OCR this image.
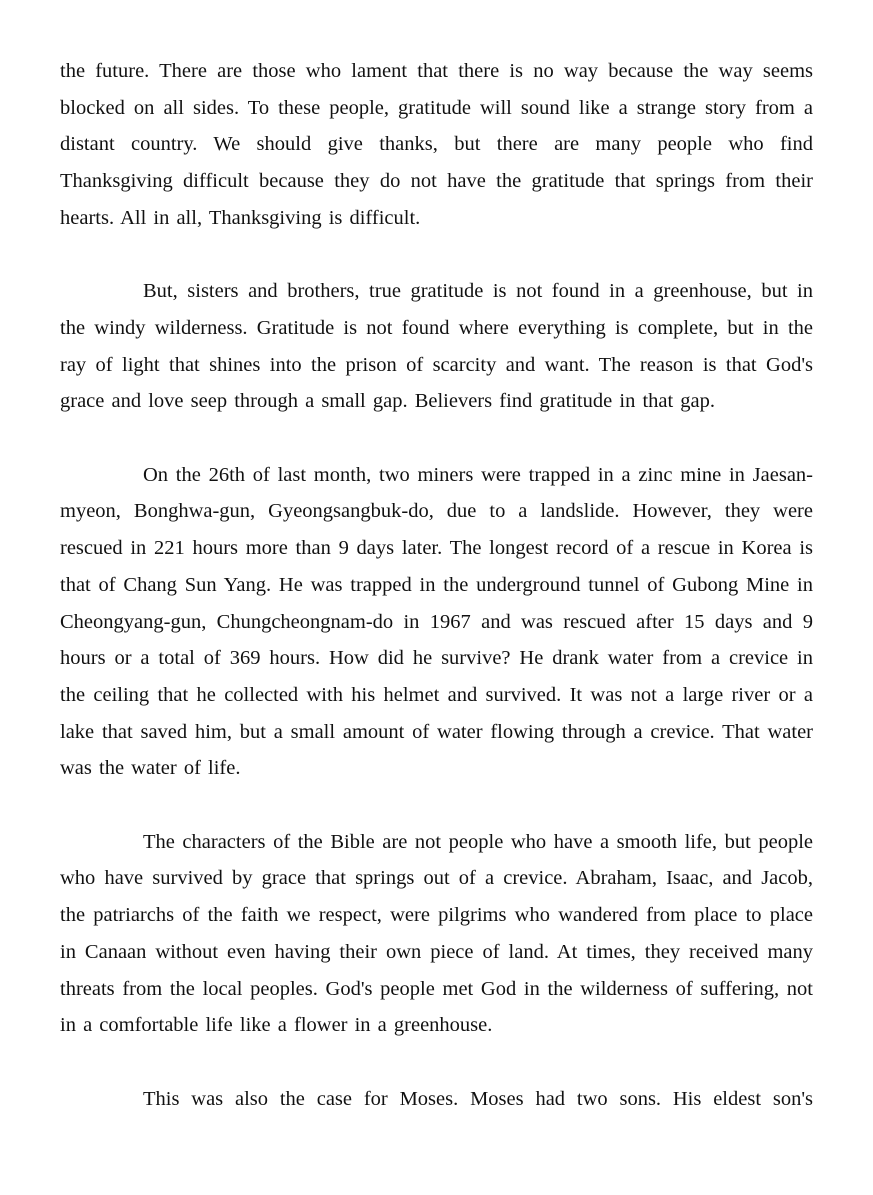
the future. There are those who lament that there is no way because the way seems blocked on all sides. To these people, gratitude will sound like a strange story from a distant country. We should give thanks, but there are many people who find Thanksgiving difficult because they do not have the gratitude that springs from their hearts. All in all, Thanksgiving is difficult.

But, sisters and brothers, true gratitude is not found in a greenhouse, but in the windy wilderness. Gratitude is not found where everything is complete, but in the ray of light that shines into the prison of scarcity and want. The reason is that God's grace and love seep through a small gap. Believers find gratitude in that gap.

On the 26th of last month, two miners were trapped in a zinc mine in Jaesan-myeon, Bonghwa-gun, Gyeongsangbuk-do, due to a landslide. However, they were rescued in 221 hours more than 9 days later. The longest record of a rescue in Korea is that of Chang Sun Yang. He was trapped in the underground tunnel of Gubong Mine in Cheongyang-gun, Chungcheongnam-do in 1967 and was rescued after 15 days and 9 hours or a total of 369 hours. How did he survive? He drank water from a crevice in the ceiling that he collected with his helmet and survived. It was not a large river or a lake that saved him, but a small amount of water flowing through a crevice. That water was the water of life.

The characters of the Bible are not people who have a smooth life, but people who have survived by grace that springs out of a crevice. Abraham, Isaac, and Jacob, the patriarchs of the faith we respect, were pilgrims who wandered from place to place in Canaan without even having their own piece of land. At times, they received many threats from the local peoples. God's people met God in the wilderness of suffering, not in a comfortable life like a flower in a greenhouse.

This was also the case for Moses. Moses had two sons. His eldest son's
